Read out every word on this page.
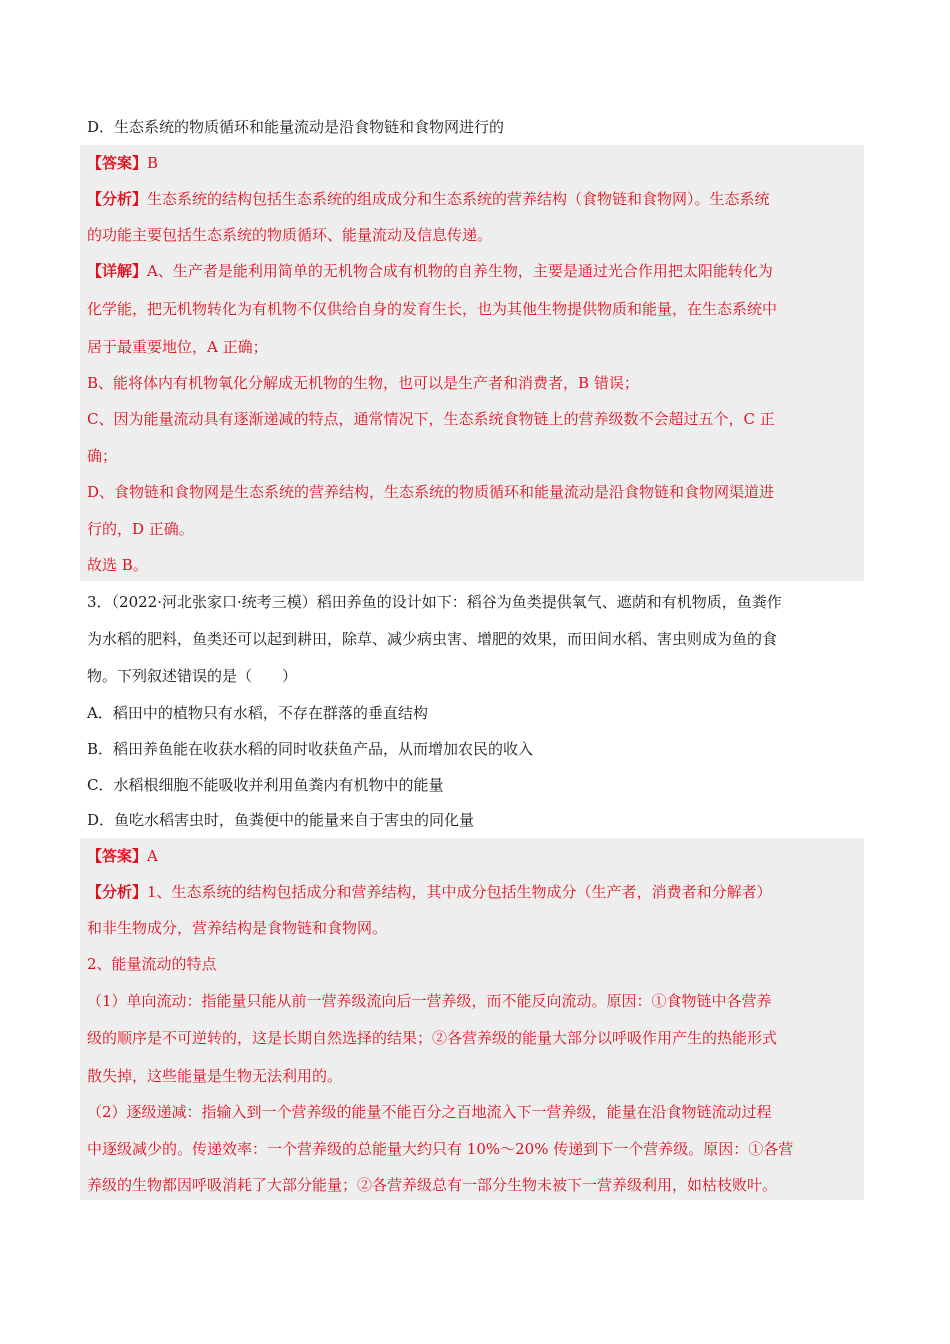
D．生态系统的物质循环和能量流动是沿食物链和食物网进行的
【答案】B
【分析】生态系统的结构包括生态系统的组成成分和生态系统的营养结构（食物链和食物网）。生态系统
的功能主要包括生态系统的物质循环、能量流动及信息传递。
【详解】A、生产者是能利用简单的无机物合成有机物的自养生物，主要是通过光合作用把太阳能转化为
化学能，把无机物转化为有机物不仅供给自身的发育生长，也为其他生物提供物质和能量，在生态系统中
居于最重要地位，A 正确；
B、能将体内有机物氧化分解成无机物的生物，也可以是生产者和消费者，B 错误；
C、因为能量流动具有逐渐递减的特点，通常情况下，生态系统食物链上的营养级数不会超过五个，C 正
确；
D、食物链和食物网是生态系统的营养结构，生态系统的物质循环和能量流动是沿食物链和食物网渠道进
行的，D 正确。
故选 B。
3．（2022·河北张家口·统考三模）稻田养鱼的设计如下：稻谷为鱼类提供氧气、遮荫和有机物质，鱼粪作
为水稻的肥料，鱼类还可以起到耕田，除草、减少病虫害、增肥的效果，而田间水稻、害虫则成为鱼的食
物。下列叙述错误的是（　　）
A．稻田中的植物只有水稻，不存在群落的垂直结构
B．稻田养鱼能在收获水稻的同时收获鱼产品，从而增加农民的收入
C．水稻根细胞不能吸收并利用鱼粪内有机物中的能量
D．鱼吃水稻害虫时，鱼粪便中的能量来自于害虫的同化量
【答案】A
【分析】1、生态系统的结构包括成分和营养结构，其中成分包括生物成分（生产者，消费者和分解者）
和非生物成分，营养结构是食物链和食物网。
2、能量流动的特点
（1）单向流动：指能量只能从前一营养级流向后一营养级，而不能反向流动。原因：①食物链中各营养
级的顺序是不可逆转的，这是长期自然选择的结果；②各营养级的能量大部分以呼吸作用产生的热能形式
散失掉，这些能量是生物无法利用的。
（2）逐级递减：指输入到一个营养级的能量不能百分之百地流入下一营养级，能量在沿食物链流动过程
中逐级减少的。传递效率：一个营养级的总能量大约只有 10%～20% 传递到下一个营养级。原因：①各营
养级的生物都因呼吸消耗了大部分能量；②各营养级总有一部分生物未被下一营养级利用，如枯枝败叶。
